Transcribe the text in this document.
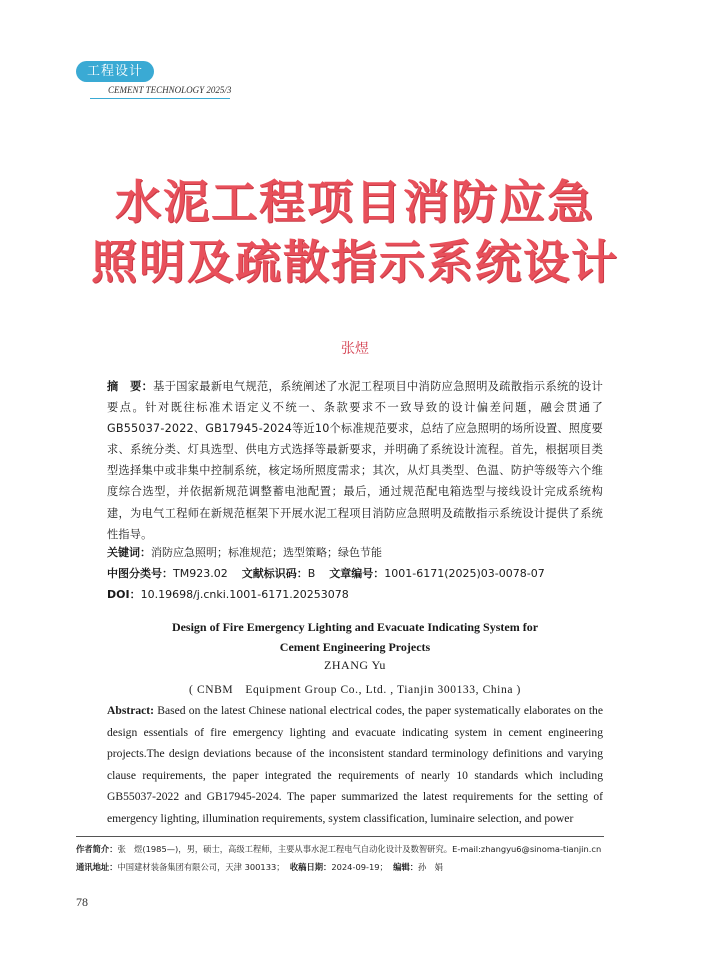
工程设计
CEMENT TECHNOLOGY 2025/3
水泥工程项目消防应急
照明及疏散指示系统设计
张煜
摘　要：基于国家最新电气规范，系统阐述了水泥工程项目中消防应急照明及疏散指示系统的设计要点。针对既往标准术语定义不统一、条款要求不一致导致的设计偏差问题，融会贯通了GB55037-2022、GB17945-2024等近10个标准规范要求，总结了应急照明的场所设置、照度要求、系统分类、灯具选型、供电方式选择等最新要求，并明确了系统设计流程。首先，根据项目类型选择集中或非集中控制系统，核定场所照度需求；其次，从灯具类型、色温、防护等级等六个维度综合选型，并依据新规范调整蓄电池配置；最后，通过规范配电箱选型与接线设计完成系统构建，为电气工程师在新规范框架下开展水泥工程项目消防应急照明及疏散指示系统设计提供了系统性指导。
关键词：消防应急照明；标准规范；选型策略；绿色节能
中图分类号：TM923.02 文献标识码：B 文章编号：1001-6171(2025)03-0078-07
DOI：10.19698/j.cnki.1001-6171.20253078
Design of Fire Emergency Lighting and Evacuate Indicating System for
Cement Engineering Projects
ZHANG Yu
( CNBM　Equipment Group Co., Ltd. , Tianjin 300133, China )
Abstract: Based on the latest Chinese national electrical codes, the paper systematically elaborates on the design essentials of fire emergency lighting and evacuate indicating system in cement engineering projects.The design deviations because of the inconsistent standard terminology definitions and varying clause requirements, the paper integrated the requirements of nearly 10 standards which including GB55037-2022 and GB17945-2024. The paper summarized the latest requirements for the setting of emergency lighting, illumination requirements, system classification, luminaire selection, and power
作者简介：张　煜(1985—)，男，硕士，高级工程师，主要从事水泥工程电气自动化设计及数智研究。E-mail:zhangyu6@sinoma-tianjin.cn
通讯地址：中国建材装备集团有限公司，天津 300133； 收稿日期：2024-09-19； 编辑：孙　娟
78
